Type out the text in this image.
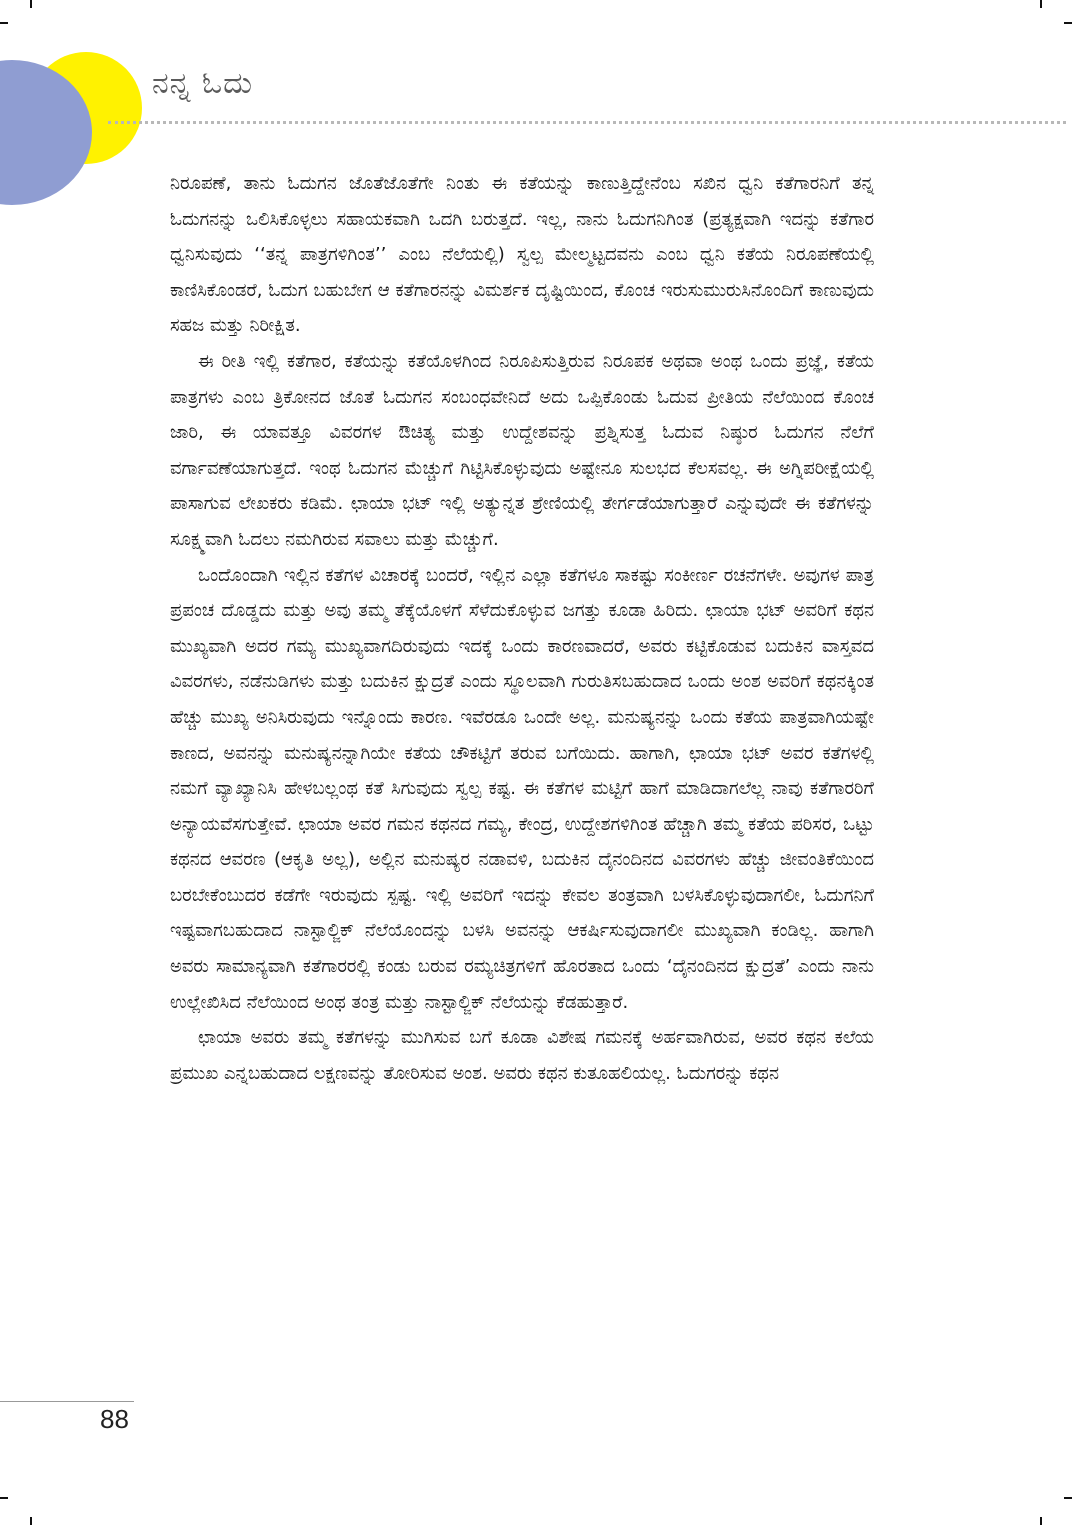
ನನ್ನ ಓದು

ನಿರೂಪಣೆ, ತಾನು ಓದುಗನ ಜೊತೆಜೊತೆಗೇ ನಿಂತು ಈ ಕತೆಯನ್ನು ಕಾಣುತ್ತಿದ್ದೇನೆಂಬ ಸಖಿನ ಧ್ವನಿ ಕತೆಗಾರನಿಗೆ ತನ್ನ ಓದುಗನನ್ನು ಒಲಿಸಿಕೊಳ್ಳಲು ಸಹಾಯಕವಾಗಿ ಒದಗಿ ಬರುತ್ತದೆ. ಇಲ್ಲ, ನಾನು ಓದುಗನಿಗಿಂತ (ಪ್ರತ್ಯಕ್ಷವಾಗಿ ಇದನ್ನು ಕತೆಗಾರ ಧ್ವನಿಸುವುದು ‘‘ತನ್ನ ಪಾತ್ರಗಳಿಗಿಂತ’’ ಎಂಬ ನೆಲೆಯಲ್ಲಿ) ಸ್ವಲ್ಪ ಮೇಲ್ಮಟ್ಟದವನು ಎಂಬ ಧ್ವನಿ ಕತೆಯ ನಿರೂಪಣೆಯಲ್ಲಿ ಕಾಣಿಸಿಕೊಂಡರೆ, ಓದುಗ ಬಹುಬೇಗ ಆ ಕತೆಗಾರನನ್ನು ವಿಮರ್ಶಕ ದೃಷ್ಟಿಯಿಂದ, ಕೊಂಚ ಇರುಸುಮುರುಸಿನೊಂದಿಗೆ ಕಾಣುವುದು ಸಹಜ ಮತ್ತು ನಿರೀಕ್ಷಿತ.

ಈ ರೀತಿ ಇಲ್ಲಿ ಕತೆಗಾರ, ಕತೆಯನ್ನು ಕತೆಯೊಳಗಿಂದ ನಿರೂಪಿಸುತ್ತಿರುವ ನಿರೂಪಕ ಅಥವಾ ಅಂಥ ಒಂದು ಪ್ರಜ್ಞೆ, ಕತೆಯ ಪಾತ್ರಗಳು ಎಂಬ ತ್ರಿಕೋನದ ಜೊತೆ ಓದುಗನ ಸಂಬಂಧವೇನಿದೆ ಅದು ಒಪ್ಪಿಕೊಂಡು ಓದುವ ಪ್ರೀತಿಯ ನೆಲೆಯಿಂದ ಕೊಂಚ ಜಾರಿ, ಈ ಯಾವತ್ತೂ ವಿವರಗಳ ಔಚಿತ್ಯ ಮತ್ತು ಉದ್ದೇಶವನ್ನು ಪ್ರಶ್ನಿಸುತ್ತ ಓದುವ ನಿಷ್ಠುರ ಓದುಗನ ನೆಲೆಗೆ ವರ್ಗಾವಣೆಯಾಗುತ್ತದೆ. ಇಂಥ ಓದುಗನ ಮೆಚ್ಚುಗೆ ಗಿಟ್ಟಿಸಿಕೊಳ್ಳುವುದು ಅಷ್ಟೇನೂ ಸುಲಭದ ಕೆಲಸವಲ್ಲ. ಈ ಅಗ್ನಿಪರೀಕ್ಷೆಯಲ್ಲಿ ಪಾಸಾಗುವ ಲೇಖಕರು ಕಡಿಮೆ. ಛಾಯಾ ಭಟ್ ಇಲ್ಲಿ ಅತ್ಯುನ್ನತ ಶ್ರೇಣಿಯಲ್ಲಿ ತೇರ್ಗಡೆಯಾಗುತ್ತಾರೆ ಎನ್ನುವುದೇ ಈ ಕತೆಗಳನ್ನು ಸೂಕ್ಷ್ಮವಾಗಿ ಓದಲು ನಮಗಿರುವ ಸವಾಲು ಮತ್ತು ಮೆಚ್ಚುಗೆ.

ಒಂದೊಂದಾಗಿ ಇಲ್ಲಿನ ಕತೆಗಳ ವಿಚಾರಕ್ಕೆ ಬಂದರೆ, ಇಲ್ಲಿನ ಎಲ್ಲಾ ಕತೆಗಳೂ ಸಾಕಷ್ಟು ಸಂಕೀರ್ಣ ರಚನೆಗಳೇ. ಅವುಗಳ ಪಾತ್ರ ಪ್ರಪಂಚ ದೊಡ್ಡದು ಮತ್ತು ಅವು ತಮ್ಮ ತೆಕ್ಕೆಯೊಳಗೆ ಸೆಳೆದುಕೊಳ್ಳುವ ಜಗತ್ತು ಕೂಡಾ ಹಿರಿದು. ಛಾಯಾ ಭಟ್ ಅವರಿಗೆ ಕಥನ ಮುಖ್ಯವಾಗಿ ಅದರ ಗಮ್ಯ ಮುಖ್ಯವಾಗದಿರುವುದು ಇದಕ್ಕೆ ಒಂದು ಕಾರಣವಾದರೆ, ಅವರು ಕಟ್ಟಿಕೊಡುವ ಬದುಕಿನ ವಾಸ್ತವದ ವಿವರಗಳು, ನಡೆನುಡಿಗಳು ಮತ್ತು ಬದುಕಿನ ಕ್ಷುದ್ರತೆ ಎಂದು ಸ್ಥೂಲವಾಗಿ ಗುರುತಿಸಬಹುದಾದ ಒಂದು ಅಂಶ ಅವರಿಗೆ ಕಥನಕ್ಕಿಂತ ಹೆಚ್ಚು ಮುಖ್ಯ ಅನಿಸಿರುವುದು ಇನ್ನೊಂದು ಕಾರಣ. ಇವೆರಡೂ ಒಂದೇ ಅಲ್ಲ. ಮನುಷ್ಯನನ್ನು ಒಂದು ಕತೆಯ ಪಾತ್ರವಾಗಿಯಷ್ಟೇ ಕಾಣದ, ಅವನನ್ನು ಮನುಷ್ಯನನ್ನಾಗಿಯೇ ಕತೆಯ ಚೌಕಟ್ಟಿಗೆ ತರುವ ಬಗೆಯಿದು. ಹಾಗಾಗಿ, ಛಾಯಾ ಭಟ್ ಅವರ ಕತೆಗಳಲ್ಲಿ ನಮಗೆ ವ್ಯಾಖ್ಯಾನಿಸಿ ಹೇಳಬಲ್ಲಂಥ ಕತೆ ಸಿಗುವುದು ಸ್ವಲ್ಪ ಕಷ್ಟ. ಈ ಕತೆಗಳ ಮಟ್ಟಿಗೆ ಹಾಗೆ ಮಾಡಿದಾಗಲೆಲ್ಲ ನಾವು ಕತೆಗಾರರಿಗೆ ಅನ್ಯಾಯವೆಸಗುತ್ತೇವೆ. ಛಾಯಾ ಅವರ ಗಮನ ಕಥನದ ಗಮ್ಯ, ಕೇಂದ್ರ, ಉದ್ದೇಶಗಳಿಗಿಂತ ಹೆಚ್ಚಾಗಿ ತಮ್ಮ ಕತೆಯ ಪರಿಸರ, ಒಟ್ಟು ಕಥನದ ಆವರಣ (ಆಕೃತಿ ಅಲ್ಲ), ಅಲ್ಲಿನ ಮನುಷ್ಯರ ನಡಾವಳಿ, ಬದುಕಿನ ದೈನಂದಿನದ ವಿವರಗಳು ಹೆಚ್ಚು ಜೀವಂತಿಕೆಯಿಂದ ಬರಬೇಕೆಂಬುದರ ಕಡೆಗೇ ಇರುವುದು ಸ್ಪಷ್ಟ. ಇಲ್ಲಿ ಅವರಿಗೆ ಇದನ್ನು ಕೇವಲ ತಂತ್ರವಾಗಿ ಬಳಸಿಕೊಳ್ಳುವುದಾಗಲೀ, ಓದುಗನಿಗೆ ಇಷ್ಟವಾಗಬಹುದಾದ ನಾಸ್ಟಾಲ್ಜಿಕ್ ನೆಲೆಯೊಂದನ್ನು ಬಳಸಿ ಅವನನ್ನು ಆಕರ್ಷಿಸುವುದಾಗಲೀ ಮುಖ್ಯವಾಗಿ ಕಂಡಿಲ್ಲ. ಹಾಗಾಗಿ ಅವರು ಸಾಮಾನ್ಯವಾಗಿ ಕತೆಗಾರರಲ್ಲಿ ಕಂಡು ಬರುವ ರಮ್ಯಚಿತ್ರಗಳಿಗೆ ಹೊರತಾದ ಒಂದು ‘ದೈನಂದಿನದ ಕ್ಷುದ್ರತೆ’ ಎಂದು ನಾನು ಉಲ್ಲೇಖಿಸಿದ ನೆಲೆಯಿಂದ ಅಂಥ ತಂತ್ರ ಮತ್ತು ನಾಸ್ಟಾಲ್ಜಿಕ್ ನೆಲೆಯನ್ನು ಕೆಡಹುತ್ತಾರೆ.

ಛಾಯಾ ಅವರು ತಮ್ಮ ಕತೆಗಳನ್ನು ಮುಗಿಸುವ ಬಗೆ ಕೂಡಾ ವಿಶೇಷ ಗಮನಕ್ಕೆ ಅರ್ಹವಾಗಿರುವ, ಅವರ ಕಥನ ಕಲೆಯ ಪ್ರಮುಖ ಎನ್ನಬಹುದಾದ ಲಕ್ಷಣವನ್ನು ತೋರಿಸುವ ಅಂಶ. ಅವರು ಕಥನ ಕುತೂಹಲಿಯಲ್ಲ. ಓದುಗರನ್ನು ಕಥನ

88
